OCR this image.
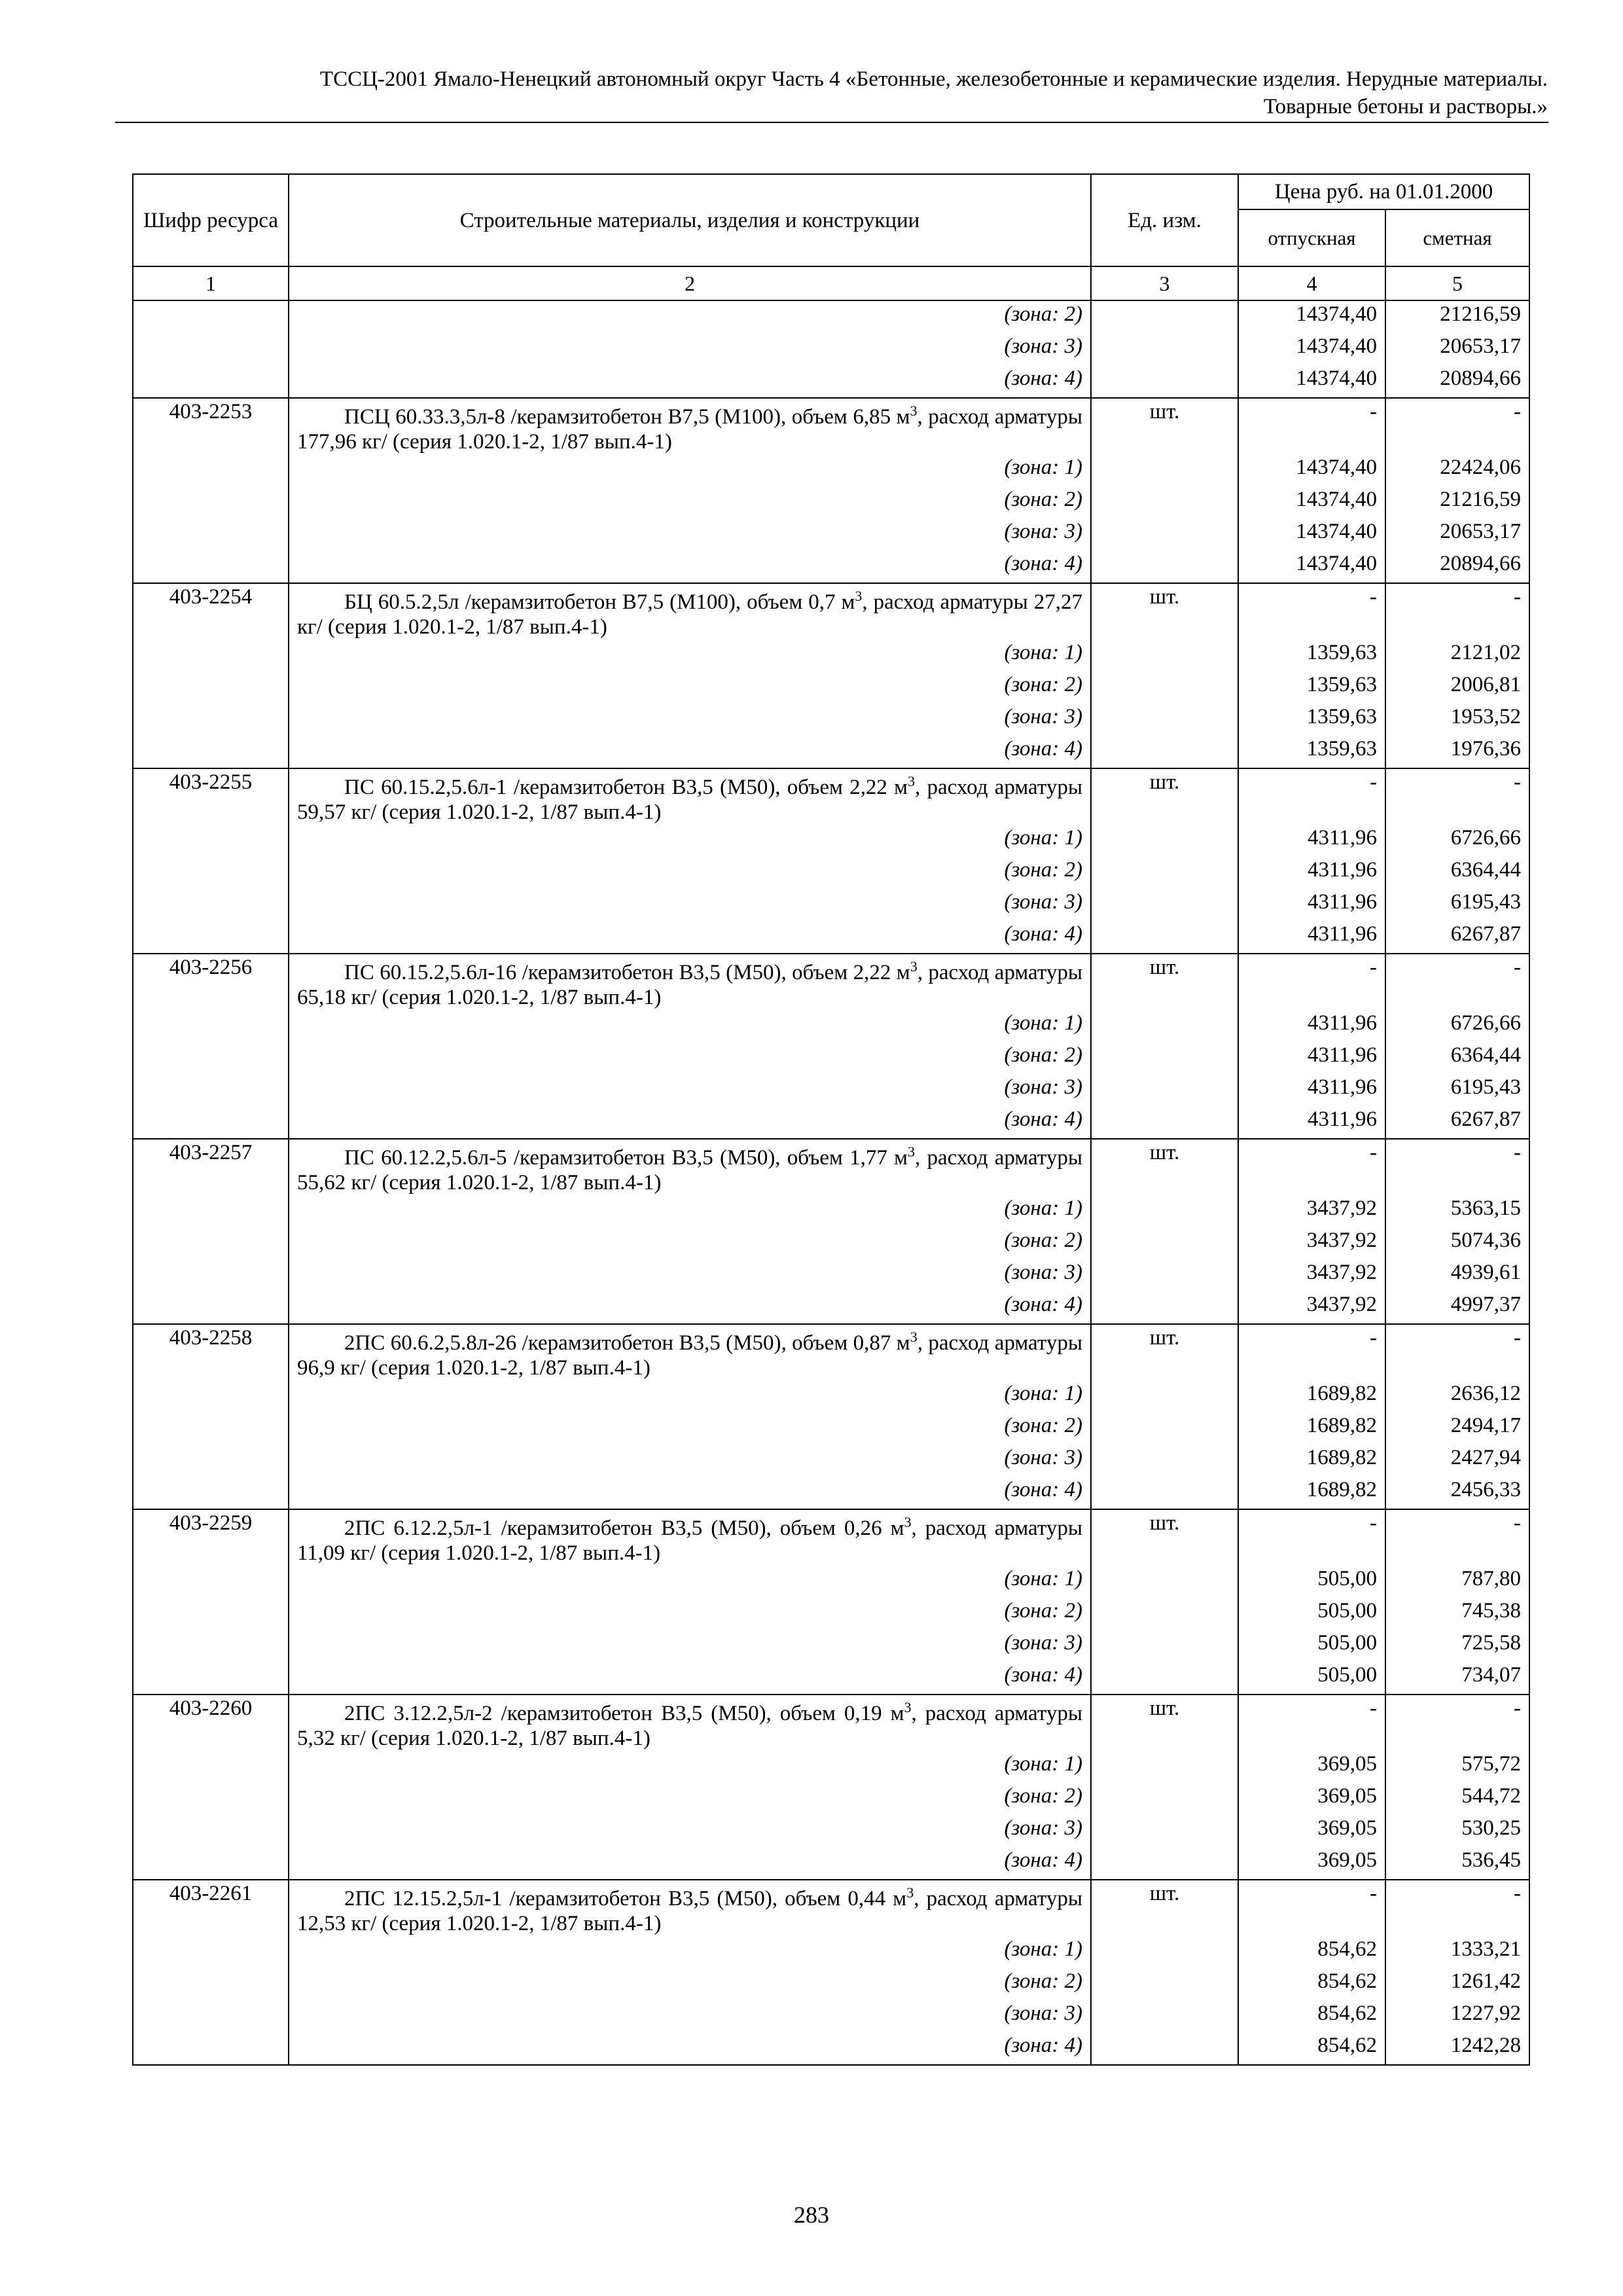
ТССЦ-2001 Ямало-Ненецкий автономный округ Часть 4 «Бетонные, железобетонные и керамические изделия. Нерудные материалы.
Товарные бетоны и растворы.»
Шифр ресурса	Строительные материалы, изделия и конструкции	Ед. изм.	Цена руб. на 01.01.2000	
			отпускная	сметная
1	2	3	4	5
	(зона: 2)		14374,40	21216,59
	(зона: 3)		14374,40	20653,17
	(зона: 4)		14374,40	20894,66
403-2253	ПСЦ 60.33.3,5л-8 /керамзитобетон В7,5 (М100), объем 6,85 $м^3$, расход арматуры 177,96 кг/ (серия 1.020.1-2, 1/87 вып.4-1)	шт.	-	-
	(зона: 1)		14374,40	22424,06
	(зона: 2)		14374,40	21216,59
	(зона: 3)		14374,40	20653,17
	(зона: 4)		14374,40	20894,66
403-2254	БЦ 60.5.2,5л /керамзитобетон В7,5 (М100), объем 0,7 $м^3$, расход арматуры 27,27 кг/ (серия 1.020.1-2, 1/87 вып.4-1)	шт.	-	-
	(зона: 1)		1359,63	2121,02
	(зона: 2)		1359,63	2006,81
	(зона: 3)		1359,63	1953,52
	(зона: 4)		1359,63	1976,36
403-2255	ПС 60.15.2,5.6л-1 /керамзитобетон В3,5 (М50), объем 2,22 $м^3$, расход арматуры 59,57 кг/ (серия 1.020.1-2, 1/87 вып.4-1)	шт.	-	-
	(зона: 1)		4311,96	6726,66
	(зона: 2)		4311,96	6364,44
	(зона: 3)		4311,96	6195,43
	(зона: 4)		4311,96	6267,87
403-2256	ПС 60.15.2,5.6л-16 /керамзитобетон В3,5 (М50), объем 2,22 $м^3$, расход арматуры 65,18 кг/ (серия 1.020.1-2, 1/87 вып.4-1)	шт.	-	-
	(зона: 1)		4311,96	6726,66
	(зона: 2)		4311,96	6364,44
	(зона: 3)		4311,96	6195,43
	(зона: 4)		4311,96	6267,87
403-2257	ПС 60.12.2,5.6л-5 /керамзитобетон В3,5 (М50), объем 1,77 $м^3$, расход арматуры 55,62 кг/ (серия 1.020.1-2, 1/87 вып.4-1)	шт.	-	-
	(зона: 1)		3437,92	5363,15
	(зона: 2)		3437,92	5074,36
	(зона: 3)		3437,92	4939,61
	(зона: 4)		3437,92	4997,37
403-2258	2ПС 60.6.2,5.8л-26 /керамзитобетон В3,5 (М50), объем 0,87 $м^3$, расход арматуры 96,9 кг/ (серия 1.020.1-2, 1/87 вып.4-1)	шт.	-	-
	(зона: 1)		1689,82	2636,12
	(зона: 2)		1689,82	2494,17
	(зона: 3)		1689,82	2427,94
	(зона: 4)		1689,82	2456,33
403-2259	2ПС 6.12.2,5л-1 /керамзитобетон В3,5 (М50), объем 0,26 $м^3$, расход арматуры 11,09 кг/ (серия 1.020.1-2, 1/87 вып.4-1)	шт.	-	-
	(зона: 1)		505,00	787,80
	(зона: 2)		505,00	745,38
	(зона: 3)		505,00	725,58
	(зона: 4)		505,00	734,07
403-2260	2ПС 3.12.2,5л-2 /керамзитобетон В3,5 (М50), объем 0,19 $м^3$, расход арматуры 5,32 кг/ (серия 1.020.1-2, 1/87 вып.4-1)	шт.	-	-
	(зона: 1)		369,05	575,72
	(зона: 2)		369,05	544,72
	(зона: 3)		369,05	530,25
	(зона: 4)		369,05	536,45
403-2261	2ПС 12.15.2,5л-1 /керамзитобетон В3,5 (М50), объем 0,44 $м^3$, расход арматуры 12,53 кг/ (серия 1.020.1-2, 1/87 вып.4-1)	шт.	-	-
	(зона: 1)		854,62	1333,21
	(зона: 2)		854,62	1261,42
	(зона: 3)		854,62	1227,92
	(зона: 4)		854,62	1242,28
283
